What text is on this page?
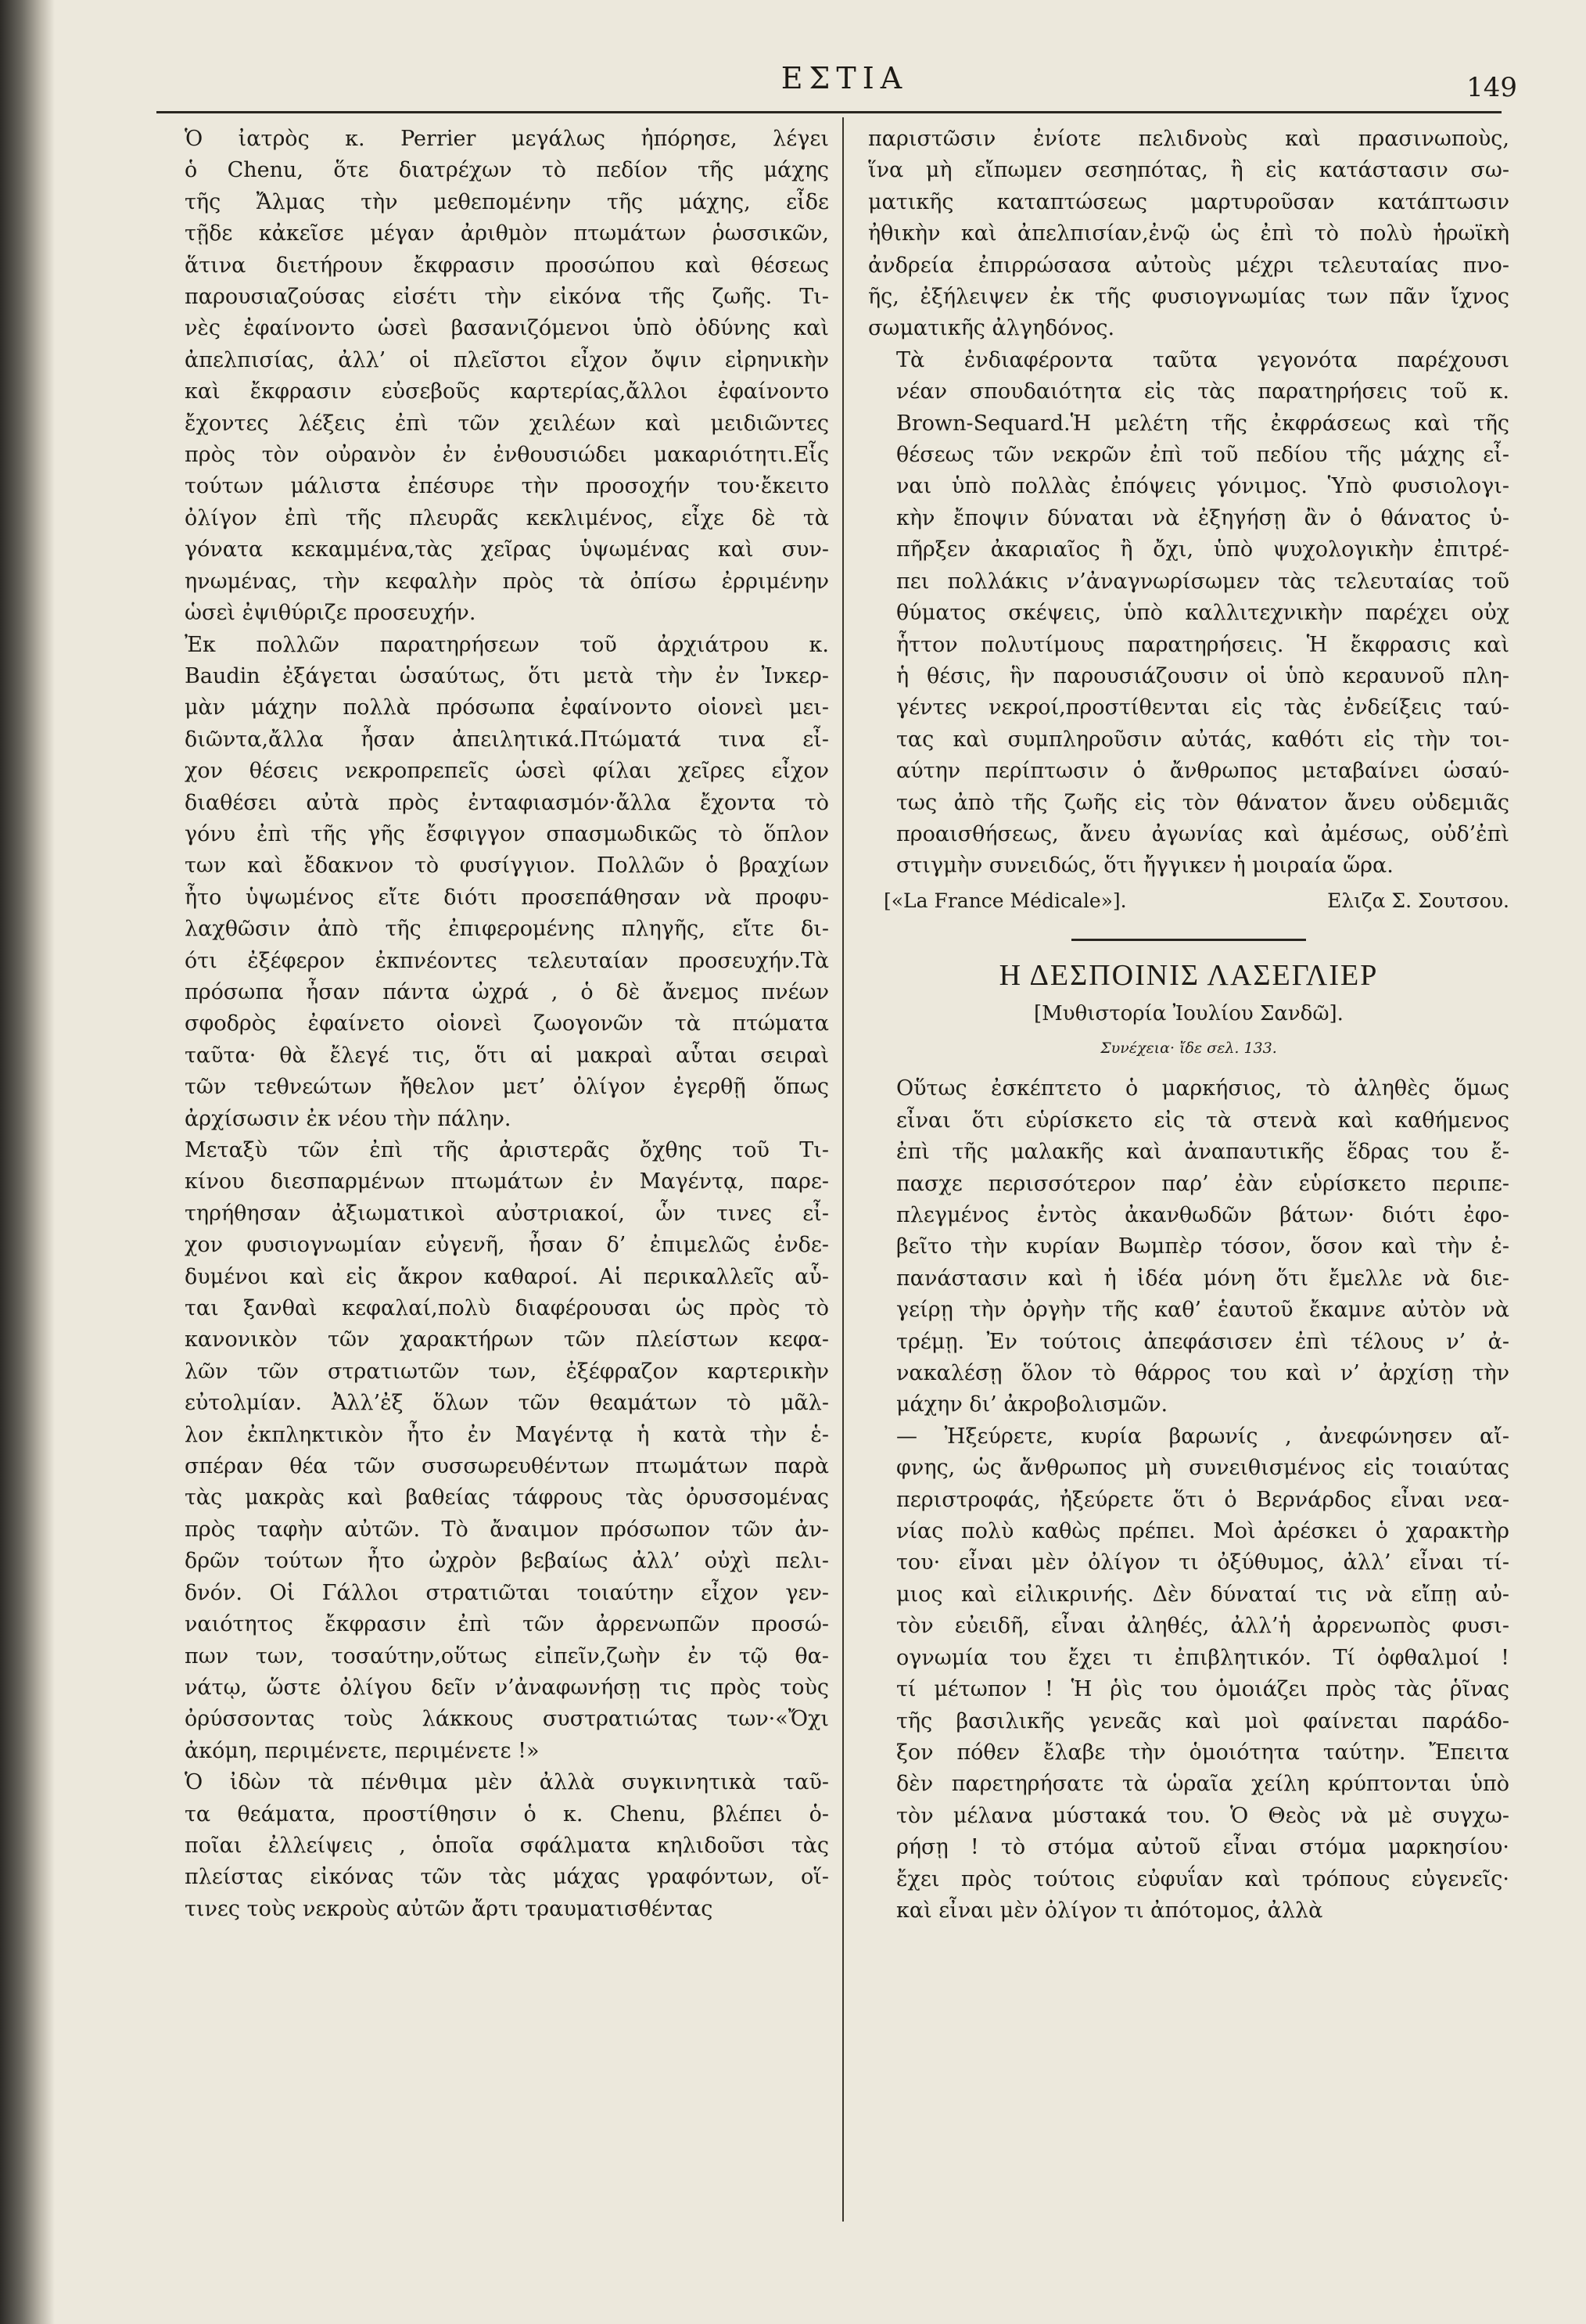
ΕΣΤΙΑ	149

Ὁ ἰατρὸς κ. Perrier μεγάλως ἠπόρησε, λέγει
ὁ Chenu, ὅτε διατρέχων τὸ πεδίον τῆς μάχης
τῆς Ἄλμας τὴν μεθεπομένην τῆς μάχης, εἶδε
τῇδε κἀκεῖσε μέγαν ἀριθμὸν πτωμάτων ῥωσσικῶν,
ἅτινα διετήρουν ἔκφρασιν προσώπου καὶ θέσεως
παρουσιαζούσας εἰσέτι τὴν εἰκόνα τῆς ζωῆς. Τι-
νὲς ἐφαίνοντο ὡσεὶ βασανιζόμενοι ὑπὸ ὀδύνης καὶ
ἀπελπισίας, ἀλλ’ οἱ πλεῖστοι εἶχον ὄψιν εἰρηνικὴν
καὶ ἔκφρασιν εὐσεβοῦς καρτερίας,ἄλλοι ἐφαίνοντο
ἔχοντες λέξεις ἐπὶ τῶν χειλέων καὶ μειδιῶντες
πρὸς τὸν οὐρανὸν ἐν ἐνθουσιώδει μακαριότητι.Εἷς
τούτων μάλιστα ἐπέσυρε τὴν προσοχήν του·ἔκειτο
ὀλίγον ἐπὶ τῆς πλευρᾶς κεκλιμένος, εἶχε δὲ τὰ
γόνατα κεκαμμένα,τὰς χεῖρας ὑψωμένας καὶ συν-
ηνωμένας, τὴν κεφαλὴν πρὸς τὰ ὀπίσω ἐρριμένην
ὡσεὶ ἐψιθύριζε προσευχήν.

Ἐκ πολλῶν παρατηρήσεων τοῦ ἀρχιάτρου κ.
Baudin ἐξάγεται ὡσαύτως, ὅτι μετὰ τὴν ἐν Ἰνκερ-
μὰν μάχην πολλὰ πρόσωπα ἐφαίνοντο οἱονεὶ μει-
διῶντα,ἄλλα ἦσαν ἀπειλητικά.Πτώματά τινα εἶ-
χον θέσεις νεκροπρεπεῖς ὡσεὶ φίλαι χεῖρες εἶχον
διαθέσει αὐτὰ πρὸς ἐνταφιασμόν·ἄλλα ἔχοντα τὸ
γόνυ ἐπὶ τῆς γῆς ἔσφιγγον σπασμωδικῶς τὸ ὅπλον
των καὶ ἔδακνον τὸ φυσίγγιον. Πολλῶν ὁ βραχίων
ἦτο ὑψωμένος εἴτε διότι προσεπάθησαν νὰ προφυ-
λαχθῶσιν ἀπὸ τῆς ἐπιφερομένης πληγῆς, εἴτε δι-
ότι ἐξέφερον ἐκπνέοντες τελευταίαν προσευχήν.Τὰ
πρόσωπα ἦσαν πάντα ὠχρά , ὁ δὲ ἄνεμος πνέων
σφοδρὸς ἐφαίνετο οἱονεὶ ζωογονῶν τὰ πτώματα
ταῦτα· θὰ ἔλεγέ τις, ὅτι αἱ μακραὶ αὗται σειραὶ
τῶν τεθνεώτων ἤθελον μετ’ ὀλίγον ἐγερθῇ ὅπως
ἀρχίσωσιν ἐκ νέου τὴν πάλην.

Μεταξὺ τῶν ἐπὶ τῆς ἀριστερᾶς ὄχθης τοῦ Τι-
κίνου διεσπαρμένων πτωμάτων ἐν Μαγέντᾳ, παρε-
τηρήθησαν ἀξιωματικοὶ αὐστριακοί, ὧν τινες εἶ-
χον φυσιογνωμίαν εὐγενῆ, ἦσαν δ’ ἐπιμελῶς ἐνδε-
δυμένοι καὶ εἰς ἄκρον καθαροί. Αἱ περικαλλεῖς αὗ-
ται ξανθαὶ κεφαλαί,πολὺ διαφέρουσαι ὡς πρὸς τὸ
κανονικὸν τῶν χαρακτήρων τῶν πλείστων κεφα-
λῶν τῶν στρατιωτῶν των, ἐξέφραζον καρτερικὴν
εὐτολμίαν. Ἀλλ’ἐξ ὅλων τῶν θεαμάτων τὸ μᾶλ-
λον ἐκπληκτικὸν ἦτο ἐν Μαγέντᾳ ἡ κατὰ τὴν ἑ-
σπέραν θέα τῶν συσσωρευθέντων πτωμάτων παρὰ
τὰς μακρὰς καὶ βαθείας τάφρους τὰς ὀρυσσομένας
πρὸς ταφὴν αὐτῶν. Τὸ ἄναιμον πρόσωπον τῶν ἀν-
δρῶν τούτων ἦτο ὠχρὸν βεβαίως ἀλλ’ οὐχὶ πελι-
δνόν. Οἱ Γάλλοι στρατιῶται τοιαύτην εἶχον γεν-
ναιότητος ἔκφρασιν ἐπὶ τῶν ἀρρενωπῶν προσώ-
πων των, τοσαύτην,οὕτως εἰπεῖν,ζωὴν ἐν τῷ θα-
νάτῳ, ὥστε ὀλίγου δεῖν ν’ἀναφωνήσῃ τις πρὸς τοὺς
ὀρύσσοντας τοὺς λάκκους συστρατιώτας των·«Ὄχι
ἀκόμη, περιμένετε, περιμένετε !»

Ὁ ἰδὼν τὰ πένθιμα μὲν ἀλλὰ συγκινητικὰ ταῦ-
τα θεάματα, προστίθησιν ὁ κ. Chenu, βλέπει ὁ-
ποῖαι ἐλλείψεις , ὁποῖα σφάλματα κηλιδοῦσι τὰς
πλείστας εἰκόνας τῶν τὰς μάχας γραφόντων, οἵ-
τινες τοὺς νεκροὺς αὐτῶν ἄρτι τραυματισθέντας

παριστῶσιν ἐνίοτε πελιδνοὺς καὶ πρασινωποὺς,
ἵνα μὴ εἴπωμεν σεσηπότας, ἢ εἰς κατάστασιν σω-
ματικῆς καταπτώσεως μαρτυροῦσαν κατάπτωσιν
ἠθικὴν καὶ ἀπελπισίαν,ἐνῷ ὡς ἐπὶ τὸ πολὺ ἡρωϊκὴ
ἀνδρεία ἐπιρρώσασα αὐτοὺς μέχρι τελευταίας πνο-
ῆς, ἐξήλειψεν ἐκ τῆς φυσιογνωμίας των πᾶν ἴχνος
σωματικῆς ἀλγηδόνος.

Τὰ ἐνδιαφέροντα ταῦτα γεγονότα παρέχουσι
νέαν σπουδαιότητα εἰς τὰς παρατηρήσεις τοῦ κ.
Brown-Sequard.Ἡ μελέτη τῆς ἐκφράσεως καὶ τῆς
θέσεως τῶν νεκρῶν ἐπὶ τοῦ πεδίου τῆς μάχης εἶ-
ναι ὑπὸ πολλὰς ἐπόψεις γόνιμος. Ὑπὸ φυσιολογι-
κὴν ἔποψιν δύναται νὰ ἐξηγήσῃ ἂν ὁ θάνατος ὑ-
πῆρξεν ἀκαριαῖος ἢ ὄχι, ὑπὸ ψυχολογικὴν ἐπιτρέ-
πει πολλάκις ν’ἀναγνωρίσωμεν τὰς τελευταίας τοῦ
θύματος σκέψεις, ὑπὸ καλλιτεχνικὴν παρέχει οὐχ
ἧττον πολυτίμους παρατηρήσεις. Ἡ ἔκφρασις καὶ
ἡ θέσις, ἣν παρουσιάζουσιν οἱ ὑπὸ κεραυνοῦ πλη-
γέντες νεκροί,προστίθενται εἰς τὰς ἐνδείξεις ταύ-
τας καὶ συμπληροῦσιν αὐτάς, καθότι εἰς τὴν τοι-
αύτην περίπτωσιν ὁ ἄνθρωπος μεταβαίνει ὡσαύ-
τως ἀπὸ τῆς ζωῆς εἰς τὸν θάνατον ἄνευ οὐδεμιᾶς
προαισθήσεως, ἄνευ ἀγωνίας καὶ ἀμέσως, οὐδ’ἐπὶ
στιγμὴν συνειδώς, ὅτι ἤγγικεν ἡ μοιραία ὥρα.

[«La France Médicale»].	Ελιζα Σ. Σουτσου.
Η ΔΕΣΠΟΙΝΙΣ ΛΑΣΕΓΛΙΕΡ
[Μυθιστορία Ἰουλίου Σανδῶ].
Συνέχεια· ἴδε σελ. 133.

Οὕτως ἐσκέπτετο ὁ μαρκήσιος, τὸ ἀληθὲς ὅμως
εἶναι ὅτι εὑρίσκετο εἰς τὰ στενὰ καὶ καθήμενος
ἐπὶ τῆς μαλακῆς καὶ ἀναπαυτικῆς ἕδρας του ἔ-
πασχε περισσότερον παρ’ ἐὰν εὑρίσκετο περιπε-
πλεγμένος ἐντὸς ἀκανθωδῶν βάτων· διότι ἐφο-
βεῖτο τὴν κυρίαν Βωμπὲρ τόσον, ὅσον καὶ τὴν ἐ-
πανάστασιν καὶ ἡ ἰδέα μόνη ὅτι ἔμελλε νὰ διε-
γείρῃ τὴν ὀργὴν τῆς καθ’ ἑαυτοῦ ἔκαμνε αὐτὸν νὰ
τρέμῃ. Ἐν τούτοις ἀπεφάσισεν ἐπὶ τέλους ν’ ἀ-
νακαλέσῃ ὅλον τὸ θάρρος του καὶ ν’ ἀρχίσῃ τὴν
μάχην δι’ ἀκροβολισμῶν.

— Ἠξεύρετε, κυρία βαρωνίς , ἀνεφώνησεν αἴ-
φνης, ὡς ἄνθρωπος μὴ συνειθισμένος εἰς τοιαύτας
περιστροφάς, ἠξεύρετε ὅτι ὁ Βερνάρδος εἶναι νεα-
νίας πολὺ καθὼς πρέπει. Μοὶ ἀρέσκει ὁ χαρακτὴρ
του· εἶναι μὲν ὀλίγον τι ὀξύθυμος, ἀλλ’ εἶναι τί-
μιος καὶ εἰλικρινής. Δὲν δύναταί τις νὰ εἴπῃ αὐ-
τὸν εὐειδῆ, εἶναι ἀληθές, ἀλλ’ἡ ἀρρενωπὸς φυσι-
ογνωμία του ἔχει τι ἐπιβλητικόν. Τί ὀφθαλμοί !
τί μέτωπον ! Ἡ ῥὶς του ὁμοιάζει πρὸς τὰς ῥῖνας
τῆς βασιλικῆς γενεᾶς καὶ μοὶ φαίνεται παράδο-
ξον πόθεν ἔλαβε τὴν ὁμοιότητα ταύτην. Ἔπειτα
δὲν παρετηρήσατε τὰ ὡραῖα χείλη κρύπτονται ὑπὸ
τὸν μέλανα μύστακά του. Ὁ Θεὸς νὰ μὲ συγχω-
ρήσῃ ! τὸ στόμα αὐτοῦ εἶναι στόμα μαρκησίου·
ἔχει πρὸς τούτοις εὐφυΐαν καὶ τρόπους εὐγενεῖς·
καὶ εἶναι μὲν ὀλίγον τι ἀπότομος, ἀλλὰ
